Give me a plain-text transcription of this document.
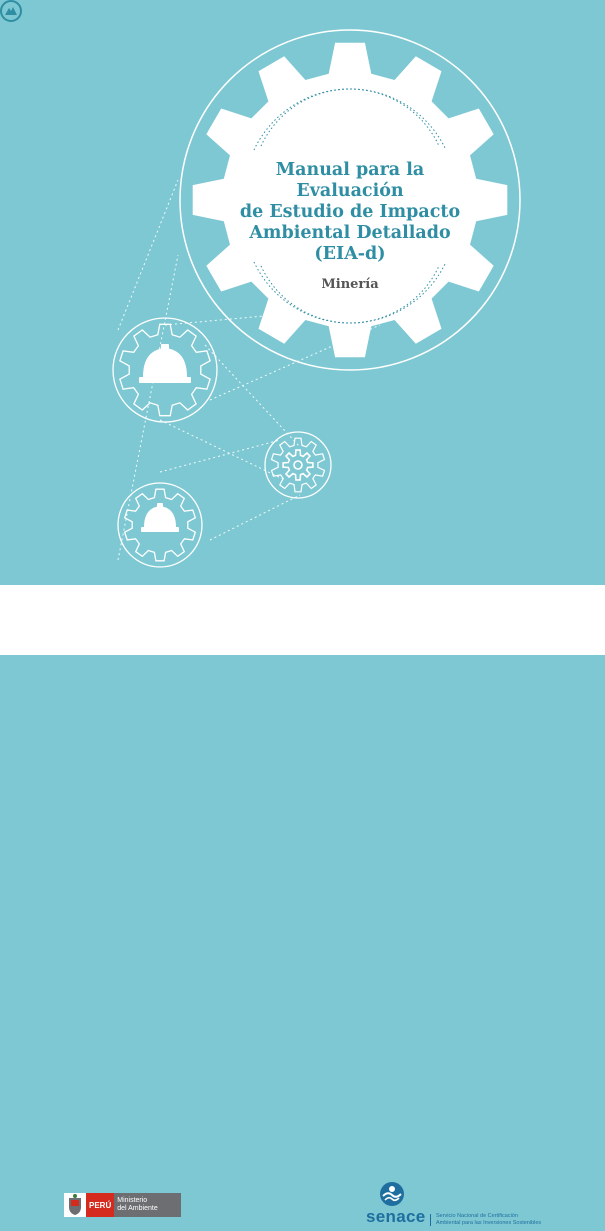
Manual para la Evaluación
de Estudio de Impacto
Ambiental Detallado
(EIA-d)
Minería
PERÚ Ministerio
del Ambiente	senace Servicio Nacional de Certificación
Ambiental para las Inversiones Sostenibles
